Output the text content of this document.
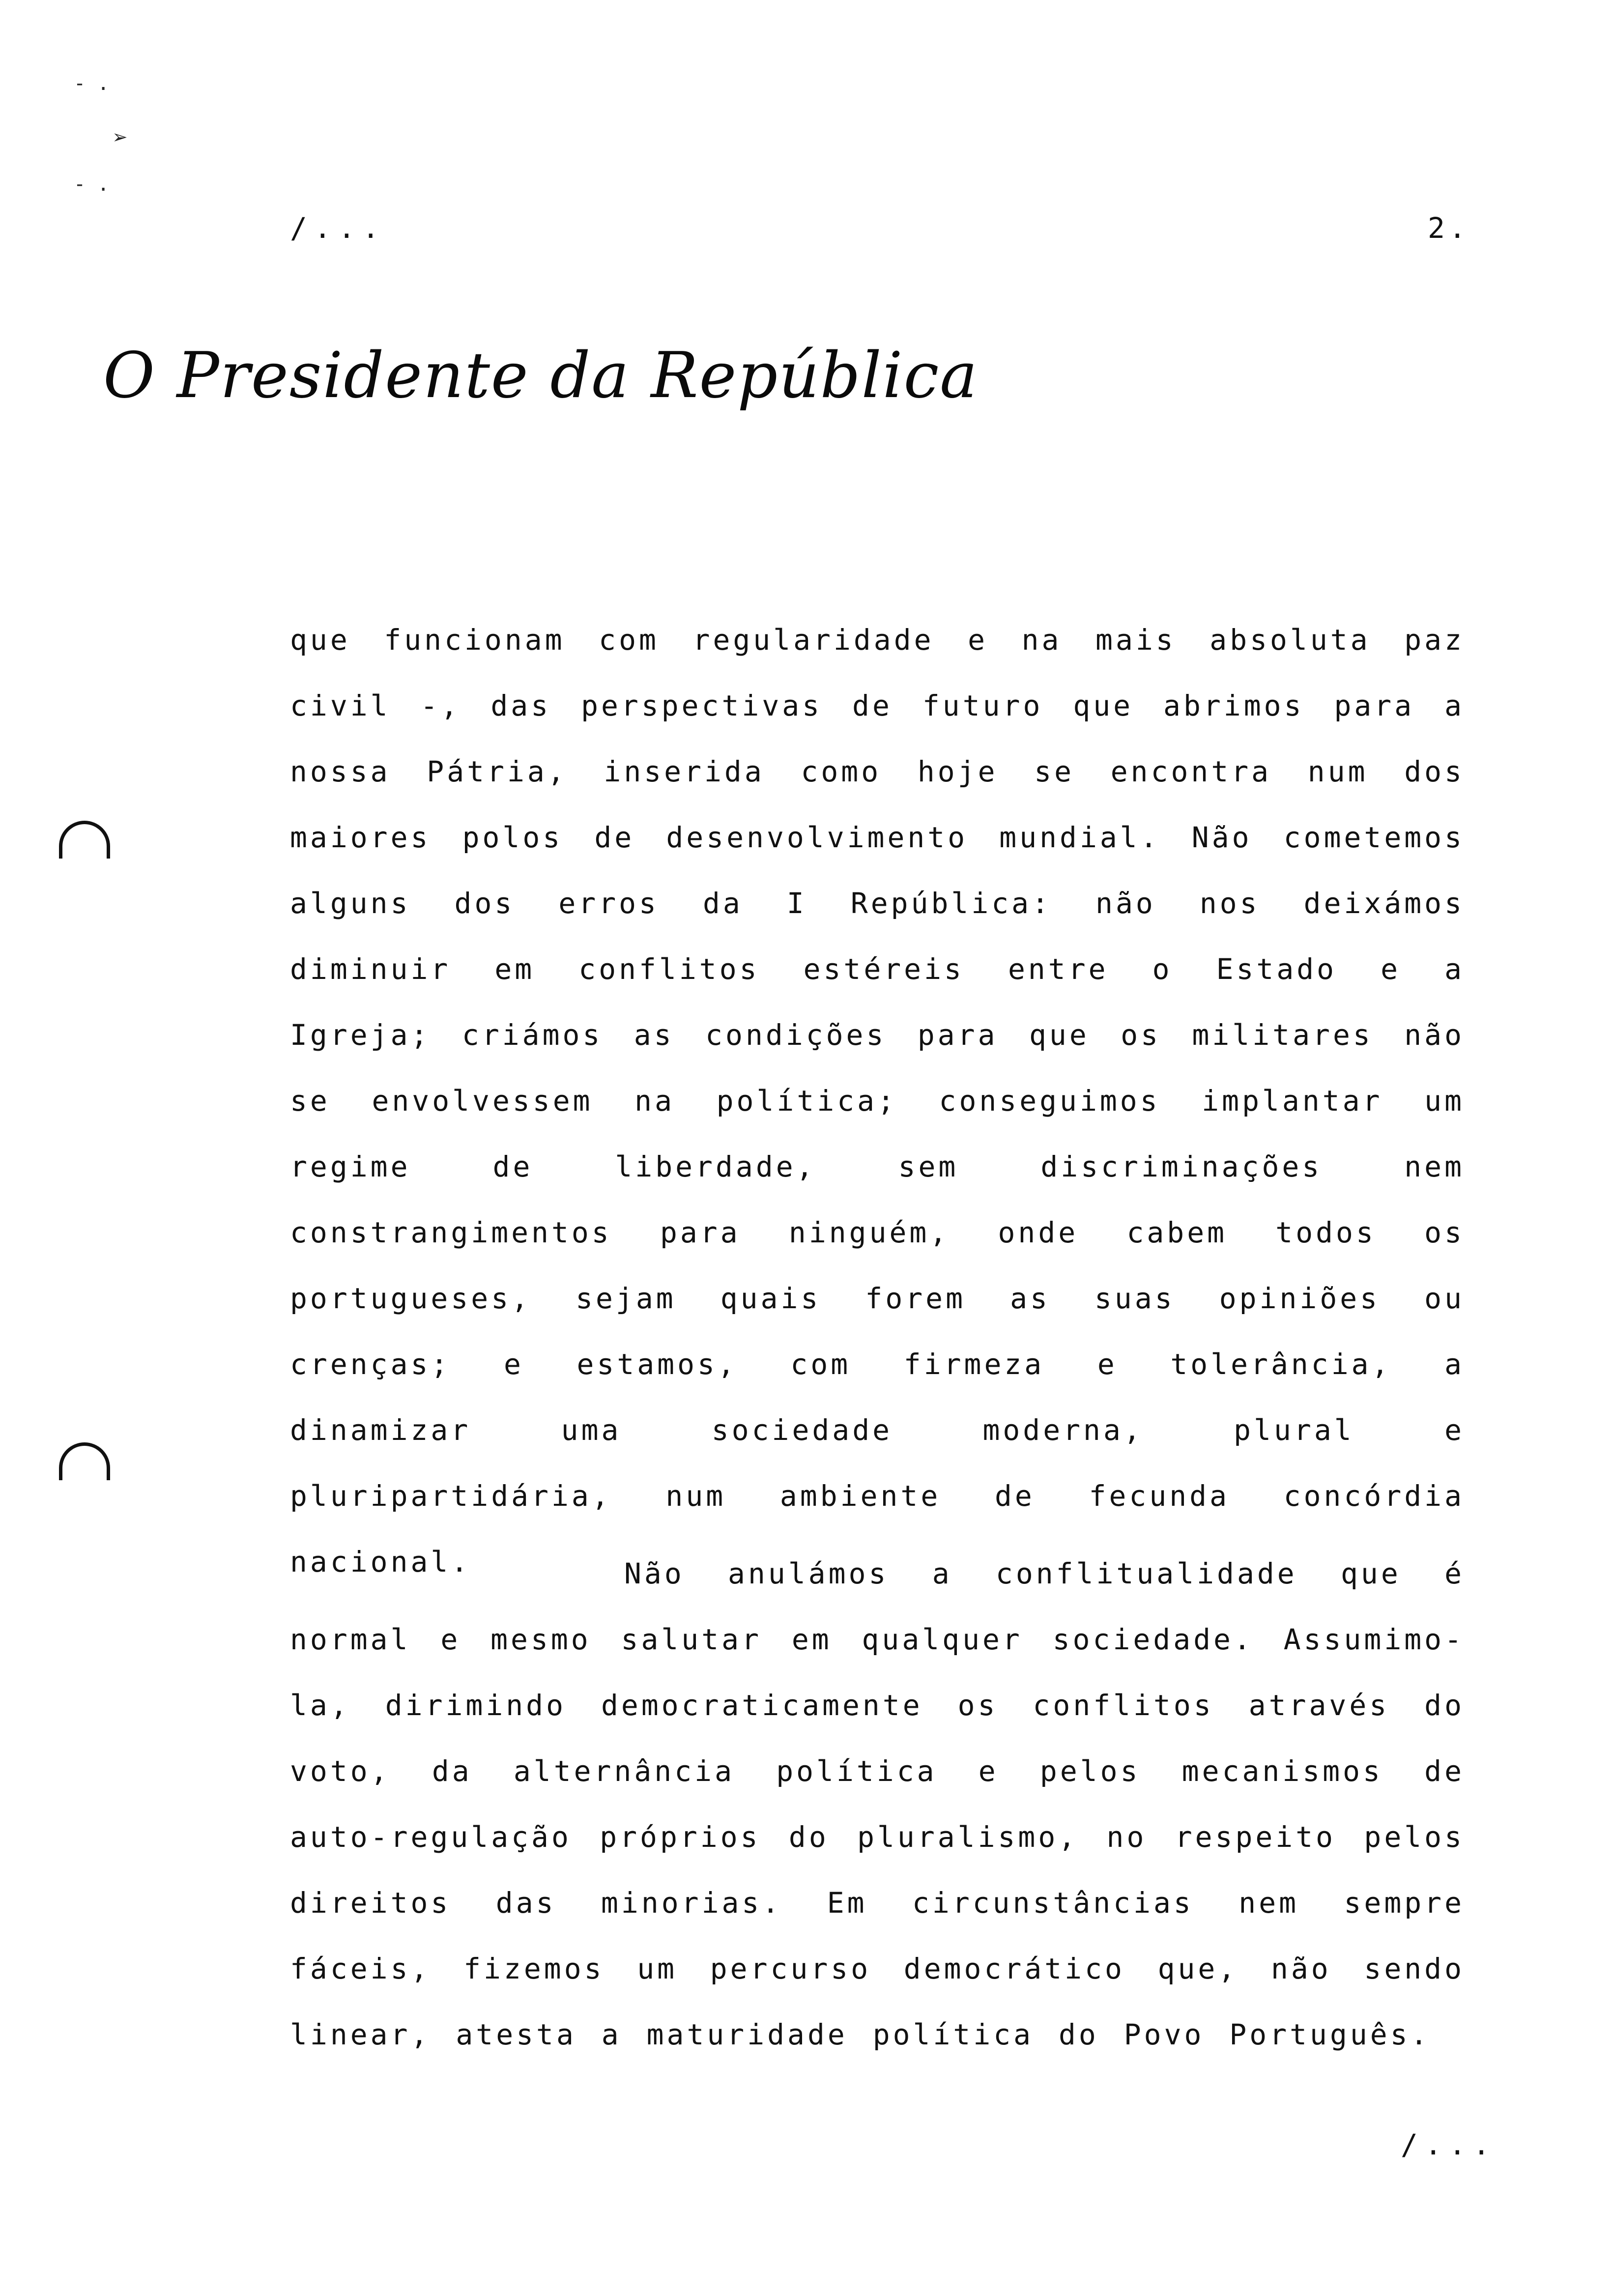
- .
➢
- .
/...	2.
O Presidente da República

que funcionam com regularidade e na mais absoluta paz civil -, das perspectivas de futuro que abrimos para a nossa Pátria, inserida como hoje se encontra num dos maiores polos de desenvolvimento mundial. Não cometemos alguns dos erros da I República: não nos deixámos diminuir em conflitos estéreis entre o Estado e a Igreja; criámos as condições para que os militares não se envolvessem na política; conseguimos implantar um regime de liberdade, sem discriminações nem constrangimentos para ninguém, onde cabem todos os portugueses, sejam quais forem as suas opiniões ou crenças; e estamos, com firmeza e tolerância, a dinamizar uma sociedade moderna, plural e pluripartidária, num ambiente de fecunda concórdia nacional.	Não anulámos a conflitualidade que é normal e mesmo salutar em qualquer sociedade. Assumimo-la, dirimindo democraticamente os conflitos através do voto, da alternância política e pelos mecanismos de auto-regulação próprios do pluralismo, no respeito pelos direitos das minorias. Em circunstâncias nem sempre fáceis, fizemos um percurso democrático que, não sendo linear, atesta a maturidade política do Povo Português.

/...
